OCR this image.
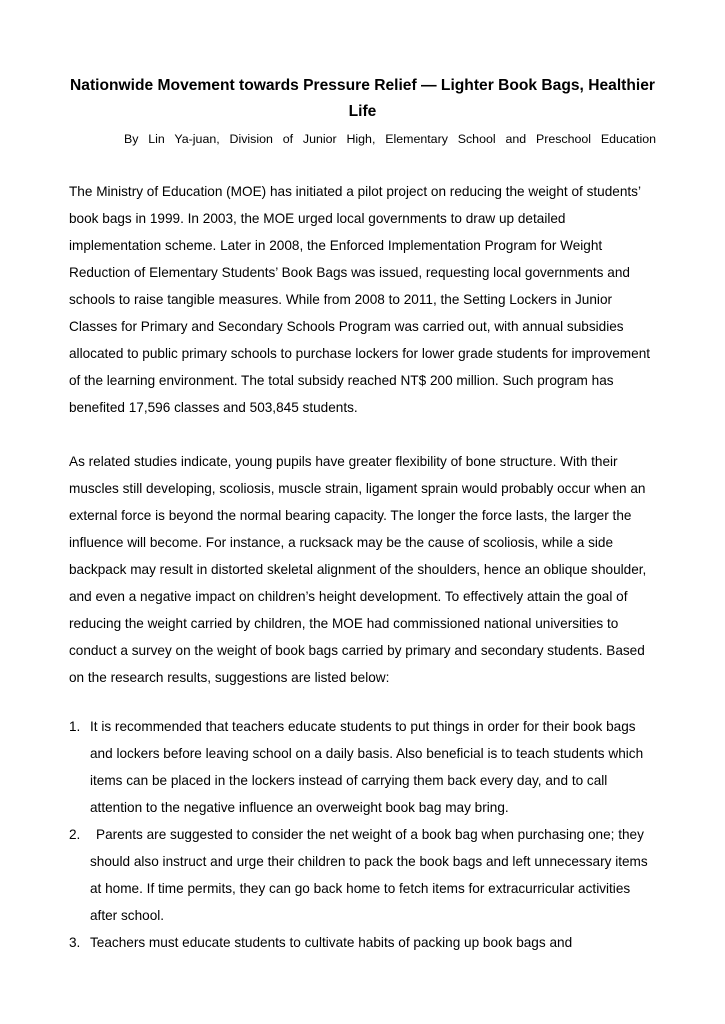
Nationwide Movement towards Pressure Relief — Lighter Book Bags, Healthier Life
By Lin Ya-juan, Division of Junior High, Elementary School and Preschool Education

The Ministry of Education (MOE) has initiated a pilot project on reducing the weight of students’ book bags in 1999. In 2003, the MOE urged local governments to draw up detailed implementation scheme. Later in 2008, the Enforced Implementation Program for Weight Reduction of Elementary Students’ Book Bags was issued, requesting local governments and schools to raise tangible measures. While from 2008 to 2011, the Setting Lockers in Junior Classes for Primary and Secondary Schools Program was carried out, with annual subsidies allocated to public primary schools to purchase lockers for lower grade students for improvement of the learning environment. The total subsidy reached NT$ 200 million. Such program has benefited 17,596 classes and 503,845 students.

As related studies indicate, young pupils have greater flexibility of bone structure. With their muscles still developing, scoliosis, muscle strain, ligament sprain would probably occur when an external force is beyond the normal bearing capacity. The longer the force lasts, the larger the influence will become. For instance, a rucksack may be the cause of scoliosis, while a side backpack may result in distorted skeletal alignment of the shoulders, hence an oblique shoulder, and even a negative impact on children’s height development. To effectively attain the goal of reducing the weight carried by children, the MOE had commissioned national universities to conduct a survey on the weight of book bags carried by primary and secondary students. Based on the research results, suggestions are listed below:

1. It is recommended that teachers educate students to put things in order for their book bags and lockers before leaving school on a daily basis. Also beneficial is to teach students which items can be placed in the lockers instead of carrying them back every day, and to call attention to the negative influence an overweight book bag may bring.
2.	Parents are suggested to consider the net weight of a book bag when purchasing one; they should also instruct and urge their children to pack the book bags and left unnecessary items at home. If time permits, they can go back home to fetch items for extracurricular activities after school.
3. Teachers must educate students to cultivate habits of packing up book bags and
